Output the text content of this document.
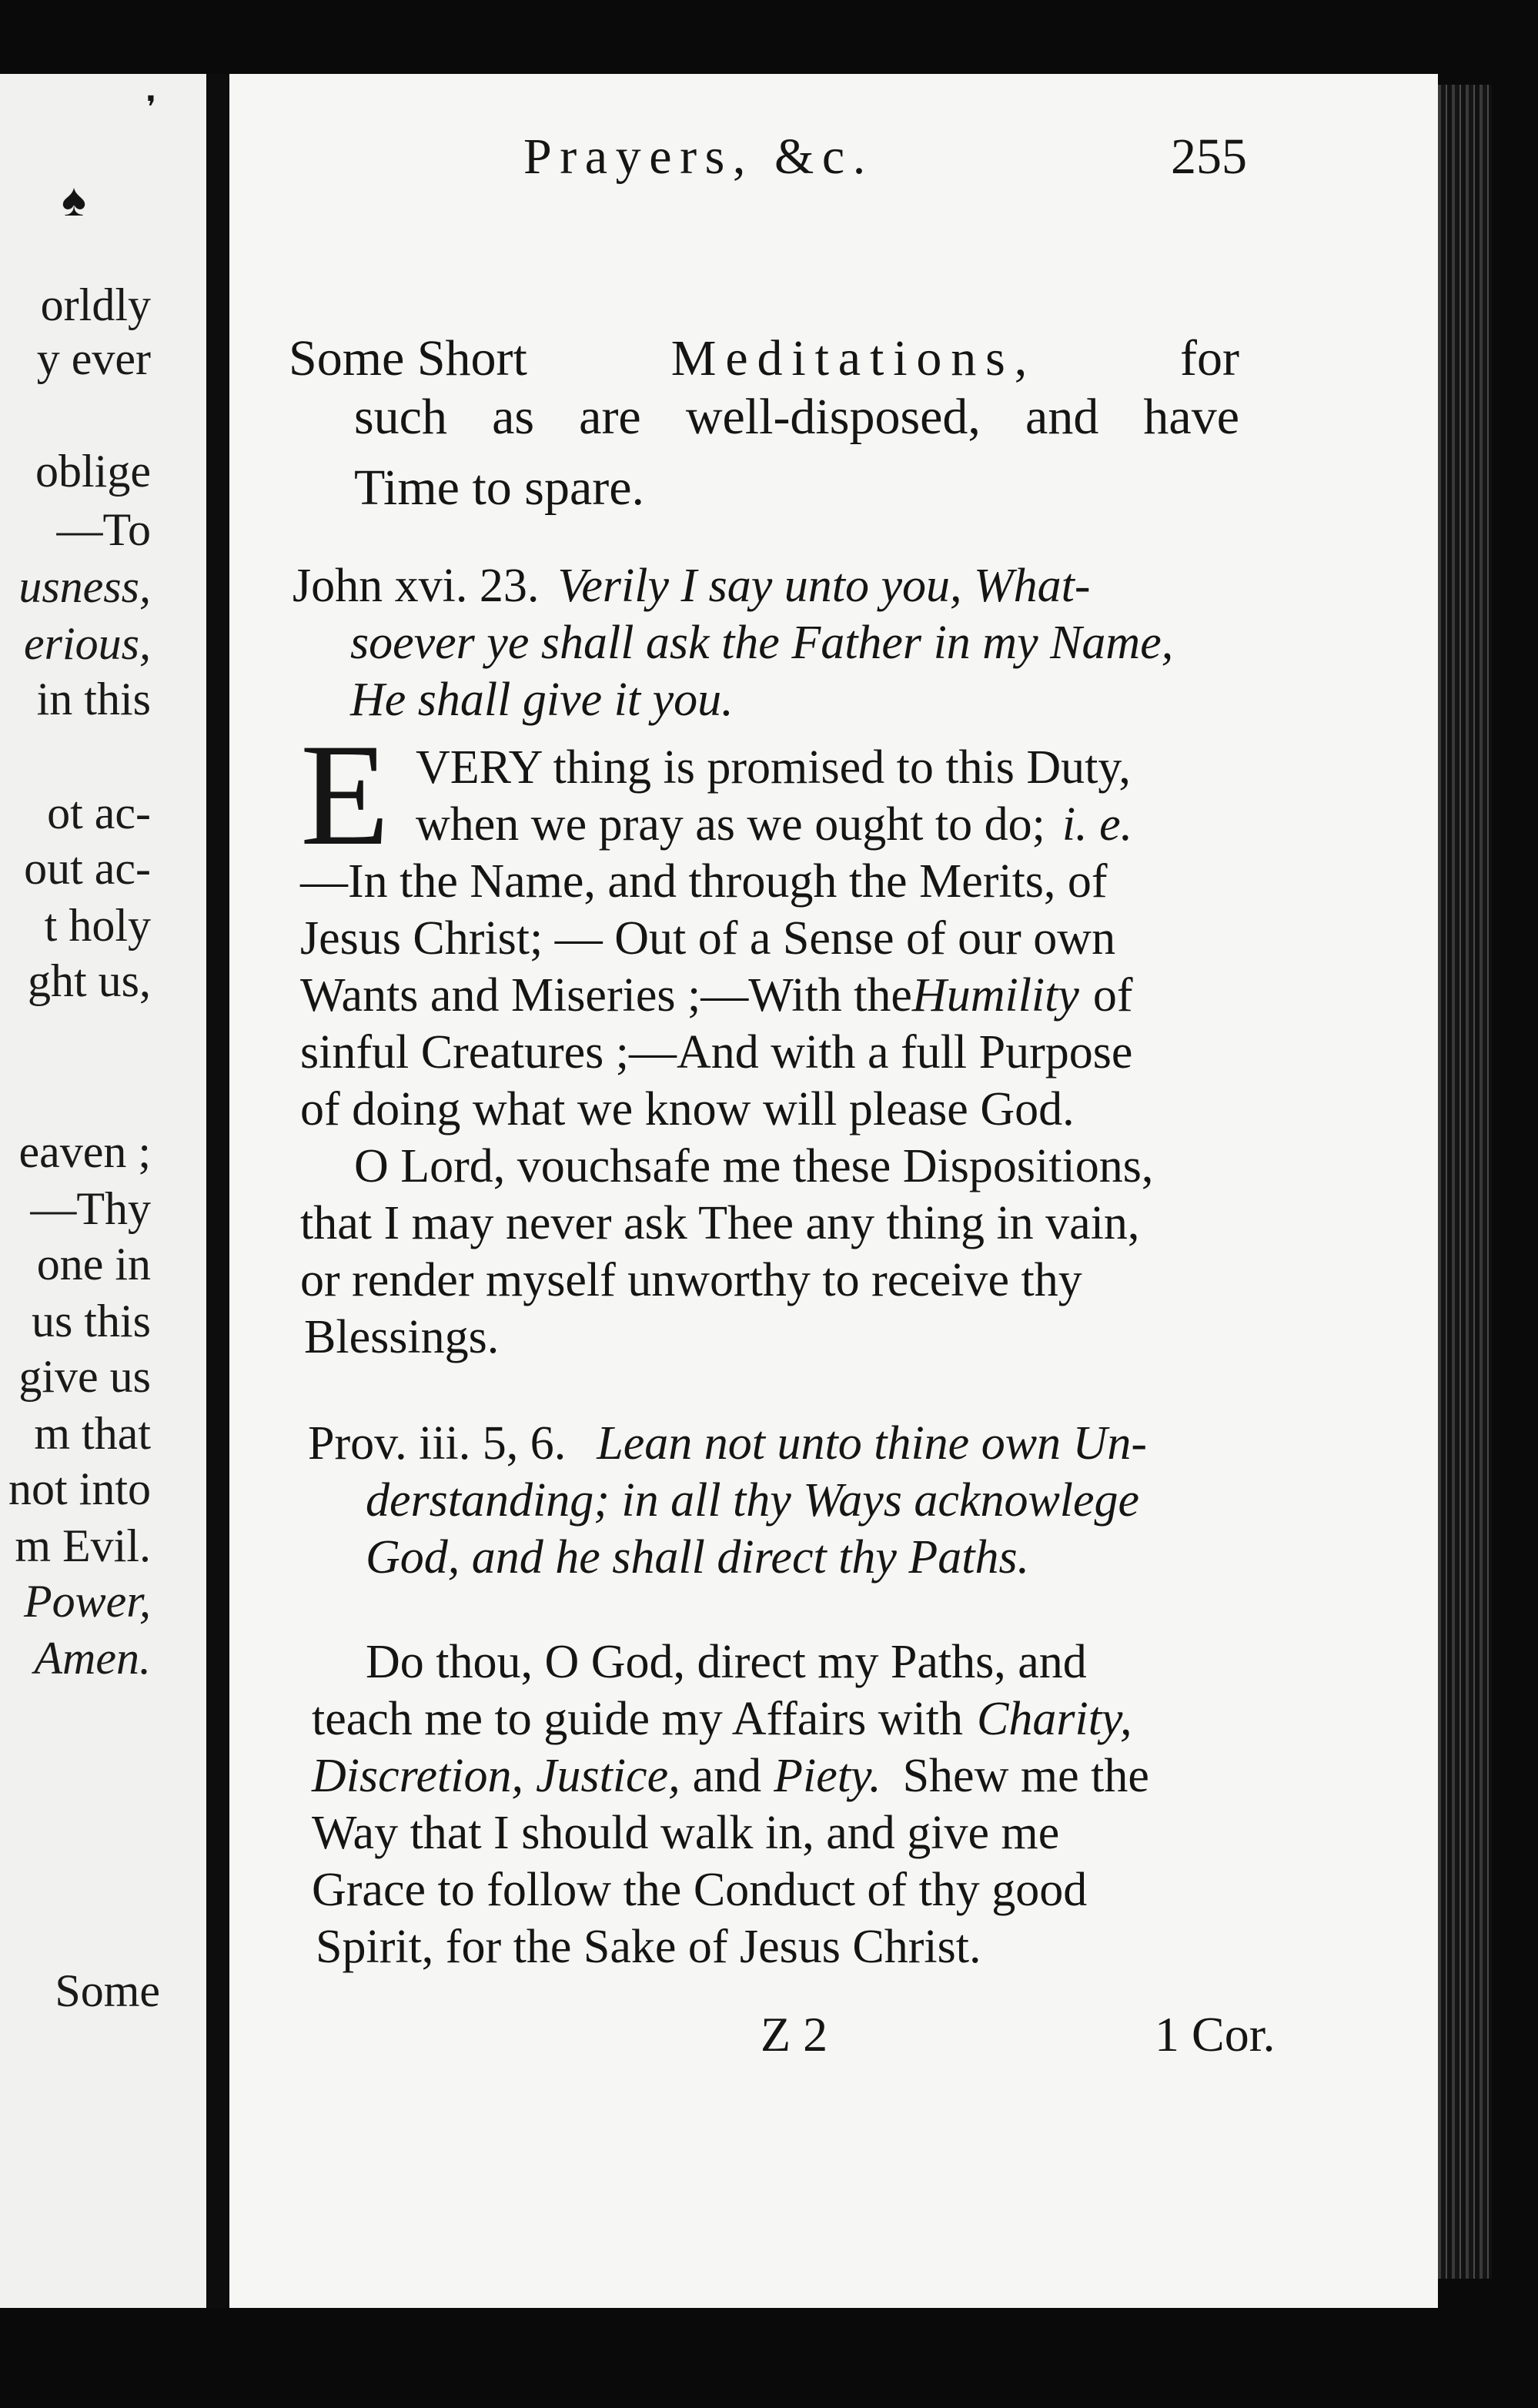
❜
♠
orldly
y ever
oblige
—To
usness,
erious,
in this
ot ac-
out ac-
t holy
ght us,
eaven ;
—Thy
one in
us this
give us
m that
not into
m Evil.
Power,
Amen.
Some
Prayers, &c.	255
Some Short	Meditations,	for
such as are well-disposed, and have
Time to spare.
John xvi. 23. Verily I say unto you, What-
soever ye shall ask the Father in my Name,
He shall give it you.
E VERY thing is promised to this Duty,
when we pray as we ought to do; i. e.
—In the Name, and through the Merits, of
Jesus Christ; — Out of a Sense of our own
Wants and Miseries ;—With the Humility of
sinful Creatures ;—And with a full Purpose
of doing what we know will please God.
O Lord, vouchsafe me these Dispositions,
that I may never ask Thee any thing in vain,
or render myself unworthy to receive thy
Blessings.
Prov. iii. 5, 6. Lean not unto thine own Un-
derstanding ; in all thy Ways acknowlege
God, and he shall direct thy Paths.
Do thou, O God, direct my Paths, and
teach me to guide my Affairs with Charity,
Discretion, Justice, and Piety. Shew me the
Way that I should walk in, and give me
Grace to follow the Conduct of thy good
Spirit, for the Sake of Jesus Christ.
Z 2	1 Cor.
